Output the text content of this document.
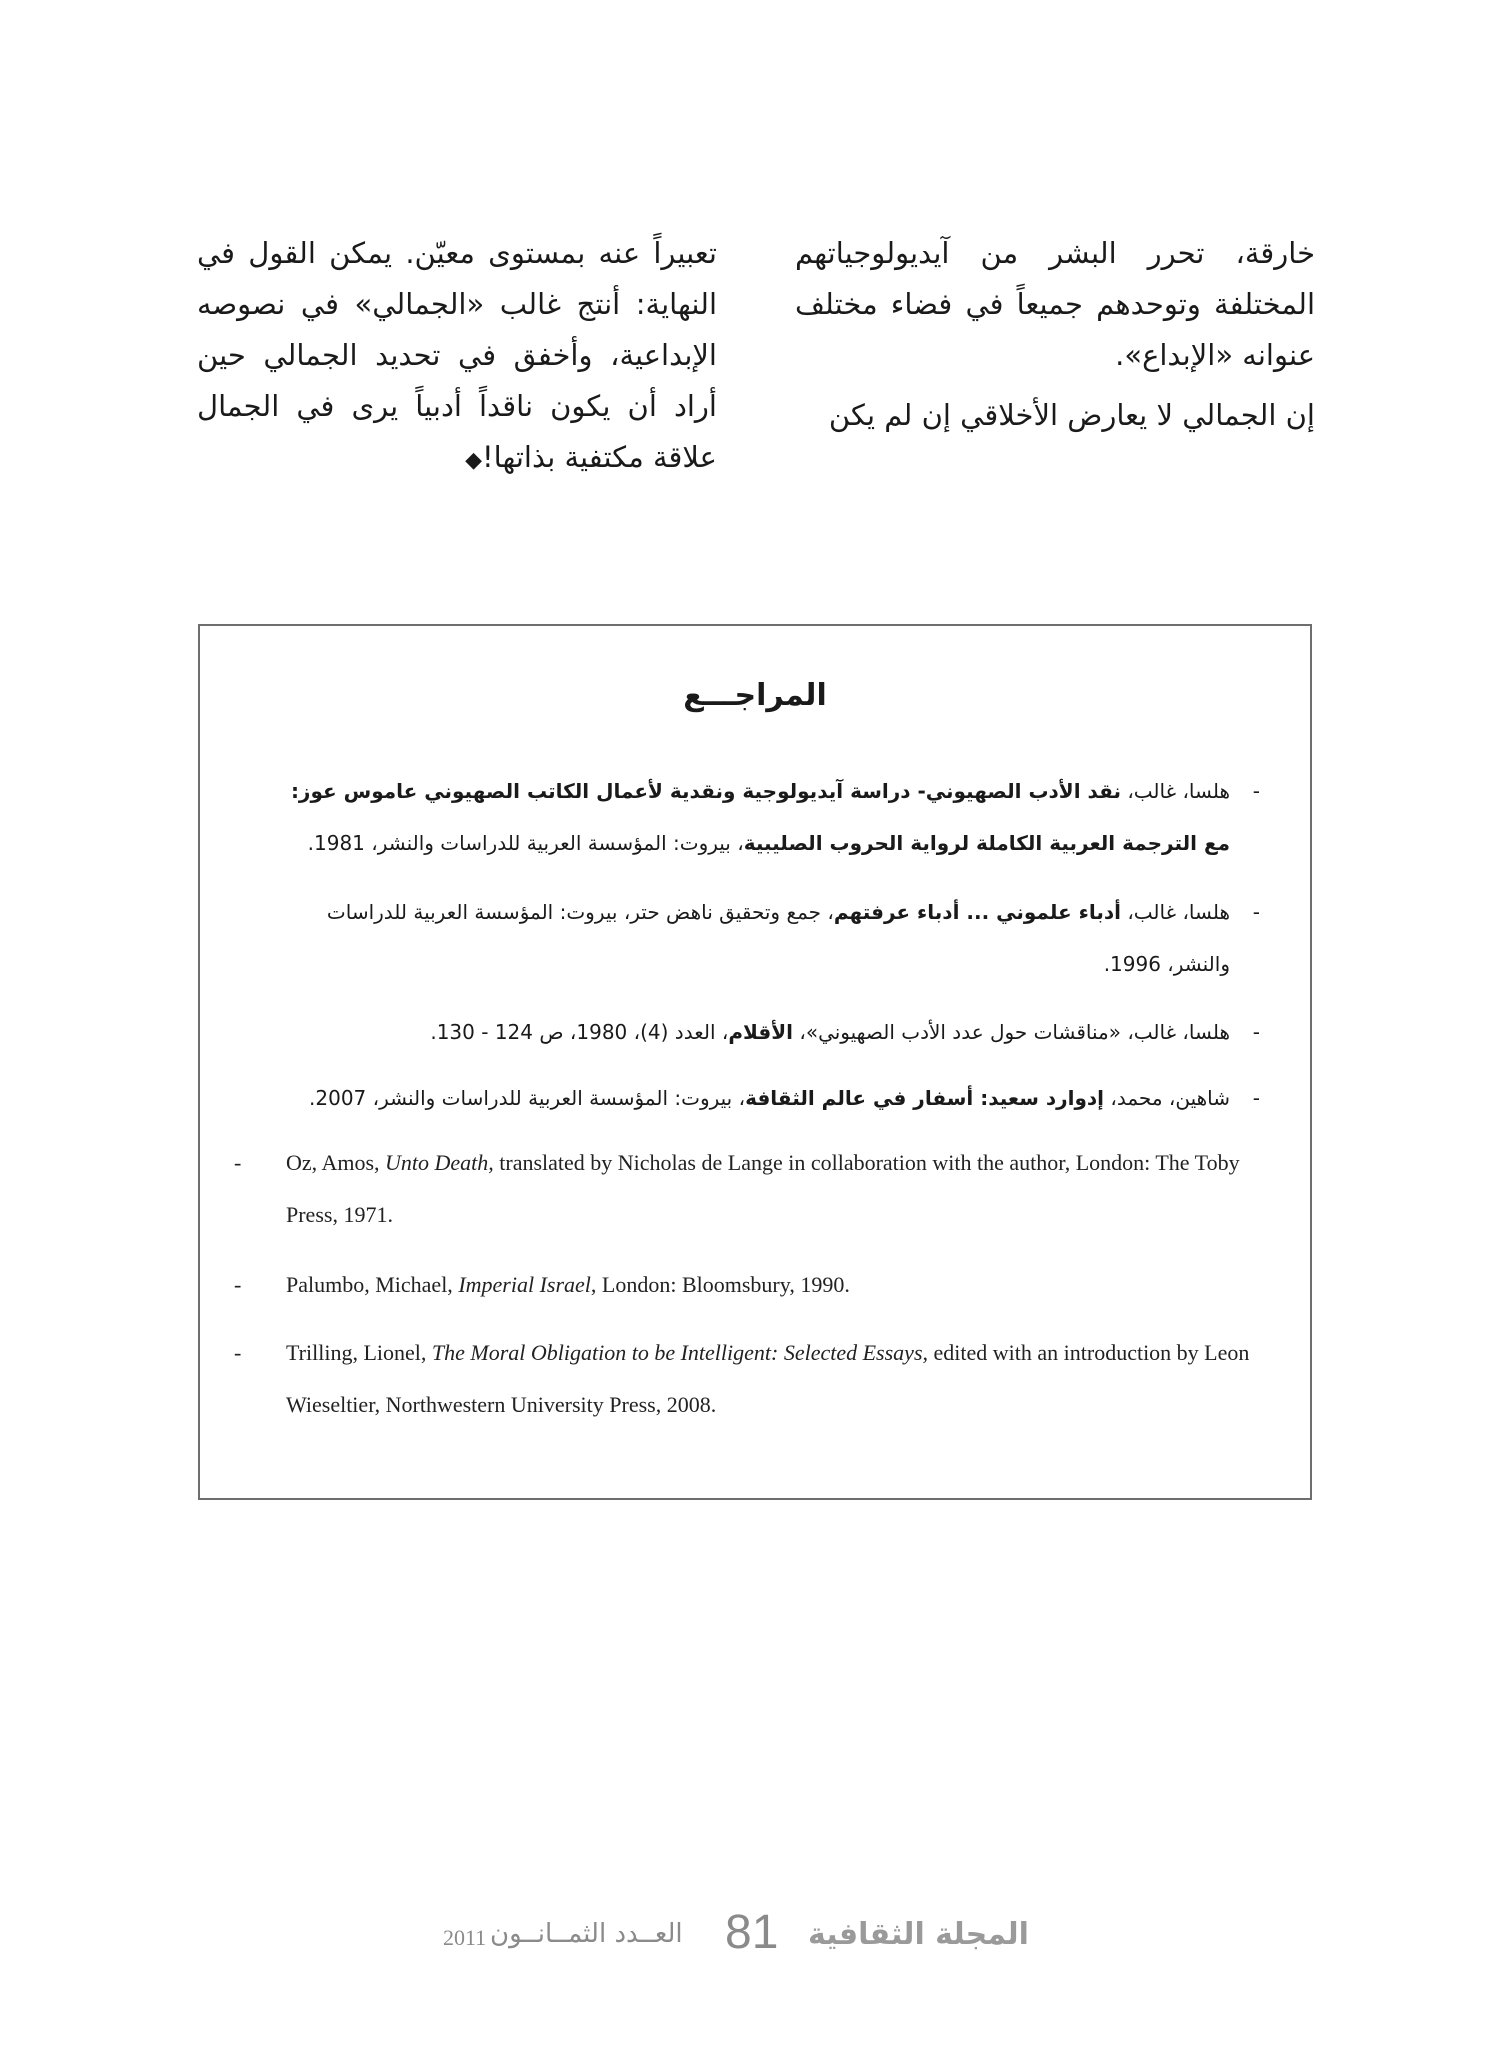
خارقة، تحرر البشر من آيديولوجياتهم المختلفة وتوحدهم جميعاً في فضاء مختلف عنوانه «الإبداع».

إن الجمالي لا يعارض الأخلاقي إن لم يكن

تعبيراً عنه بمستوى معيّن. يمكن القول في النهاية: أنتج غالب «الجمالي» في نصوصه الإبداعية، وأخفق في تحديد الجمالي حين أراد أن يكون ناقداً أدبياً يرى في الجمال علاقة مكتفية بذاتها!◆

المراجـــع
-
هلسا، غالب، نقد الأدب الصهيوني- دراسة آيديولوجية ونقدية لأعمال الكاتب الصهيوني عاموس عوز: مع الترجمة العربية الكاملة لرواية الحروب الصليبية، بيروت: المؤسسة العربية للدراسات والنشر، 1981.
-
هلسا، غالب، أدباء علموني ... أدباء عرفتهم، جمع وتحقيق ناهض حتر، بيروت: المؤسسة العربية للدراسات والنشر، 1996.
-
هلسا، غالب، «مناقشات حول عدد الأدب الصهيوني»، الأقلام، العدد (4)، 1980، ص 124 - 130.
-
شاهين، محمد، إدوارد سعيد: أسفار في عالم الثقافة، بيروت: المؤسسة العربية للدراسات والنشر، 2007.
- Oz, Amos, Unto Death, translated by Nicholas de Lange in collaboration with the author, London: The Toby Press, 1971.
- Palumbo, Michael, Imperial Israel, London: Bloomsbury, 1990.
- Trilling, Lionel, The Moral Obligation to be Intelligent: Selected Essays, edited with an introduction by Leon Wieseltier, Northwestern University Press, 2008.
2011 العــدد الثمــانــون 81 المجلة الثقافية
